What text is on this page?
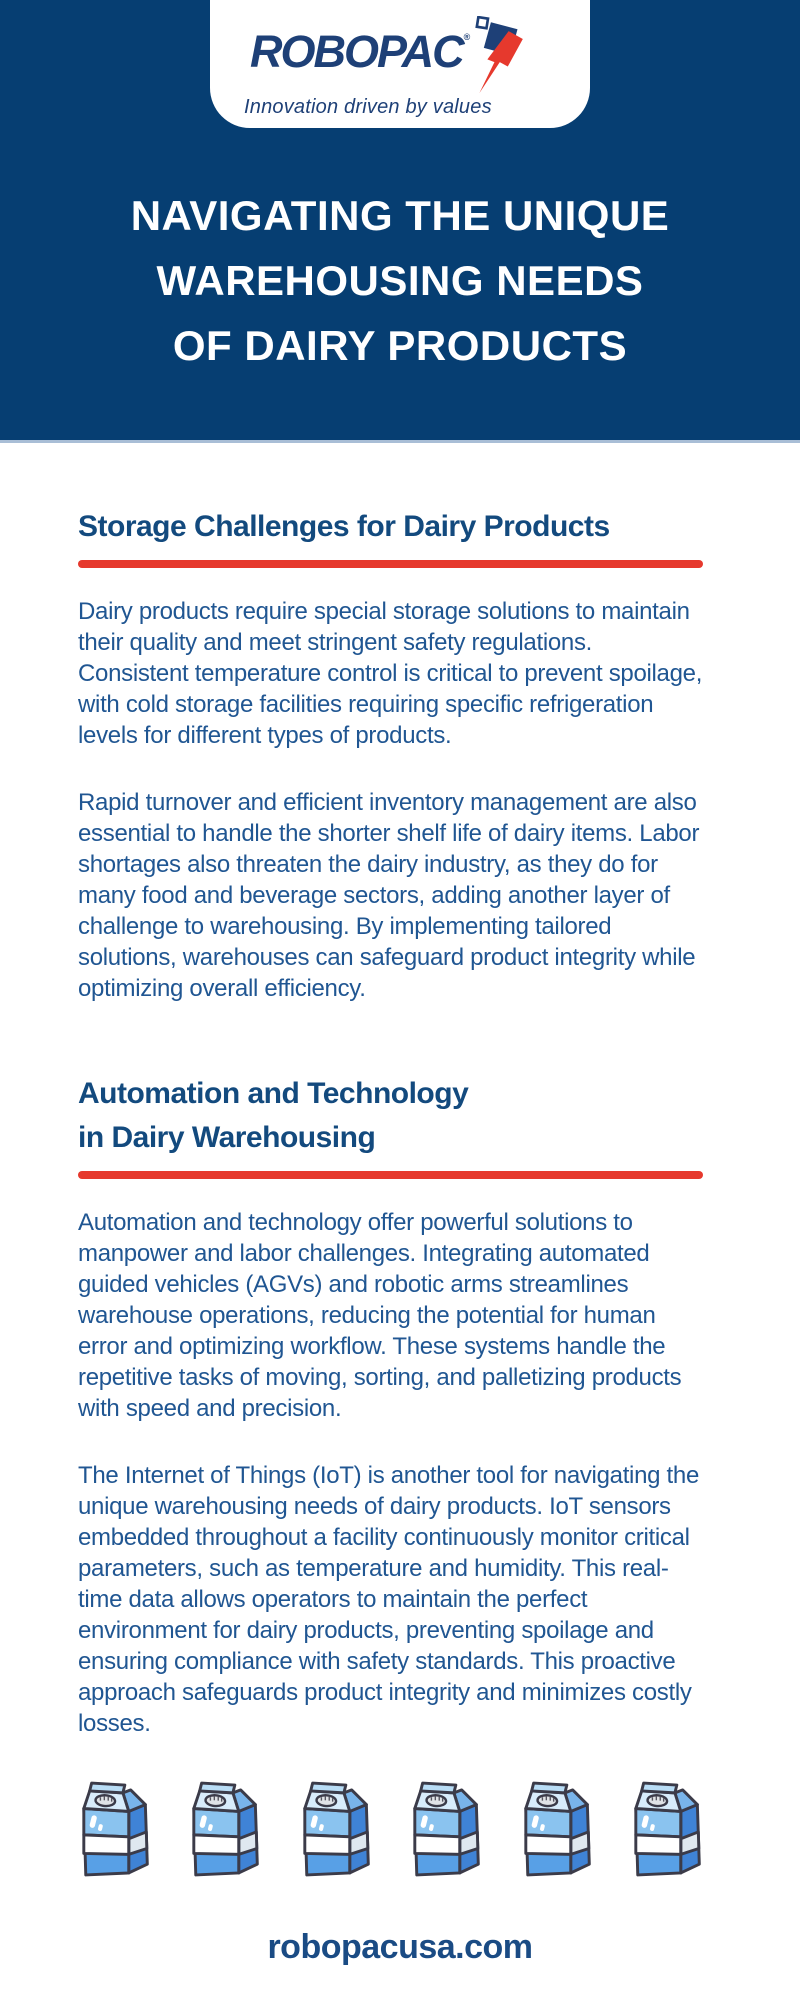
ROBOPAC ®
Innovation driven by values
NAVIGATING THE UNIQUE
WAREHOUSING NEEDS
OF DAIRY PRODUCTS
Storage Challenges for Dairy Products

Dairy products require special storage solutions to maintain their quality and meet stringent safety regulations. Consistent temperature control is critical to prevent spoilage, with cold storage facilities requiring specific refrigeration levels for different types of products.

Rapid turnover and efficient inventory management are also essential to handle the shorter shelf life of dairy items. Labor shortages also threaten the dairy industry, as they do for many food and beverage sectors, adding another layer of challenge to warehousing. By implementing tailored solutions, warehouses can safeguard product integrity while optimizing overall efficiency.

Automation and Technology
in Dairy Warehousing

Automation and technology offer powerful solutions to manpower and labor challenges. Integrating automated guided vehicles (AGVs) and robotic arms streamlines warehouse operations, reducing the potential for human error and optimizing workflow. These systems handle the repetitive tasks of moving, sorting, and palletizing products with speed and precision.

The Internet of Things (IoT) is another tool for navigating the unique warehousing needs of dairy products. IoT sensors embedded throughout a facility continuously monitor critical parameters, such as temperature and humidity. This real-time data allows operators to maintain the perfect environment for dairy products, preventing spoilage and ensuring compliance with safety standards. This proactive approach safeguards product integrity and minimizes costly losses.

robopacusa.com
